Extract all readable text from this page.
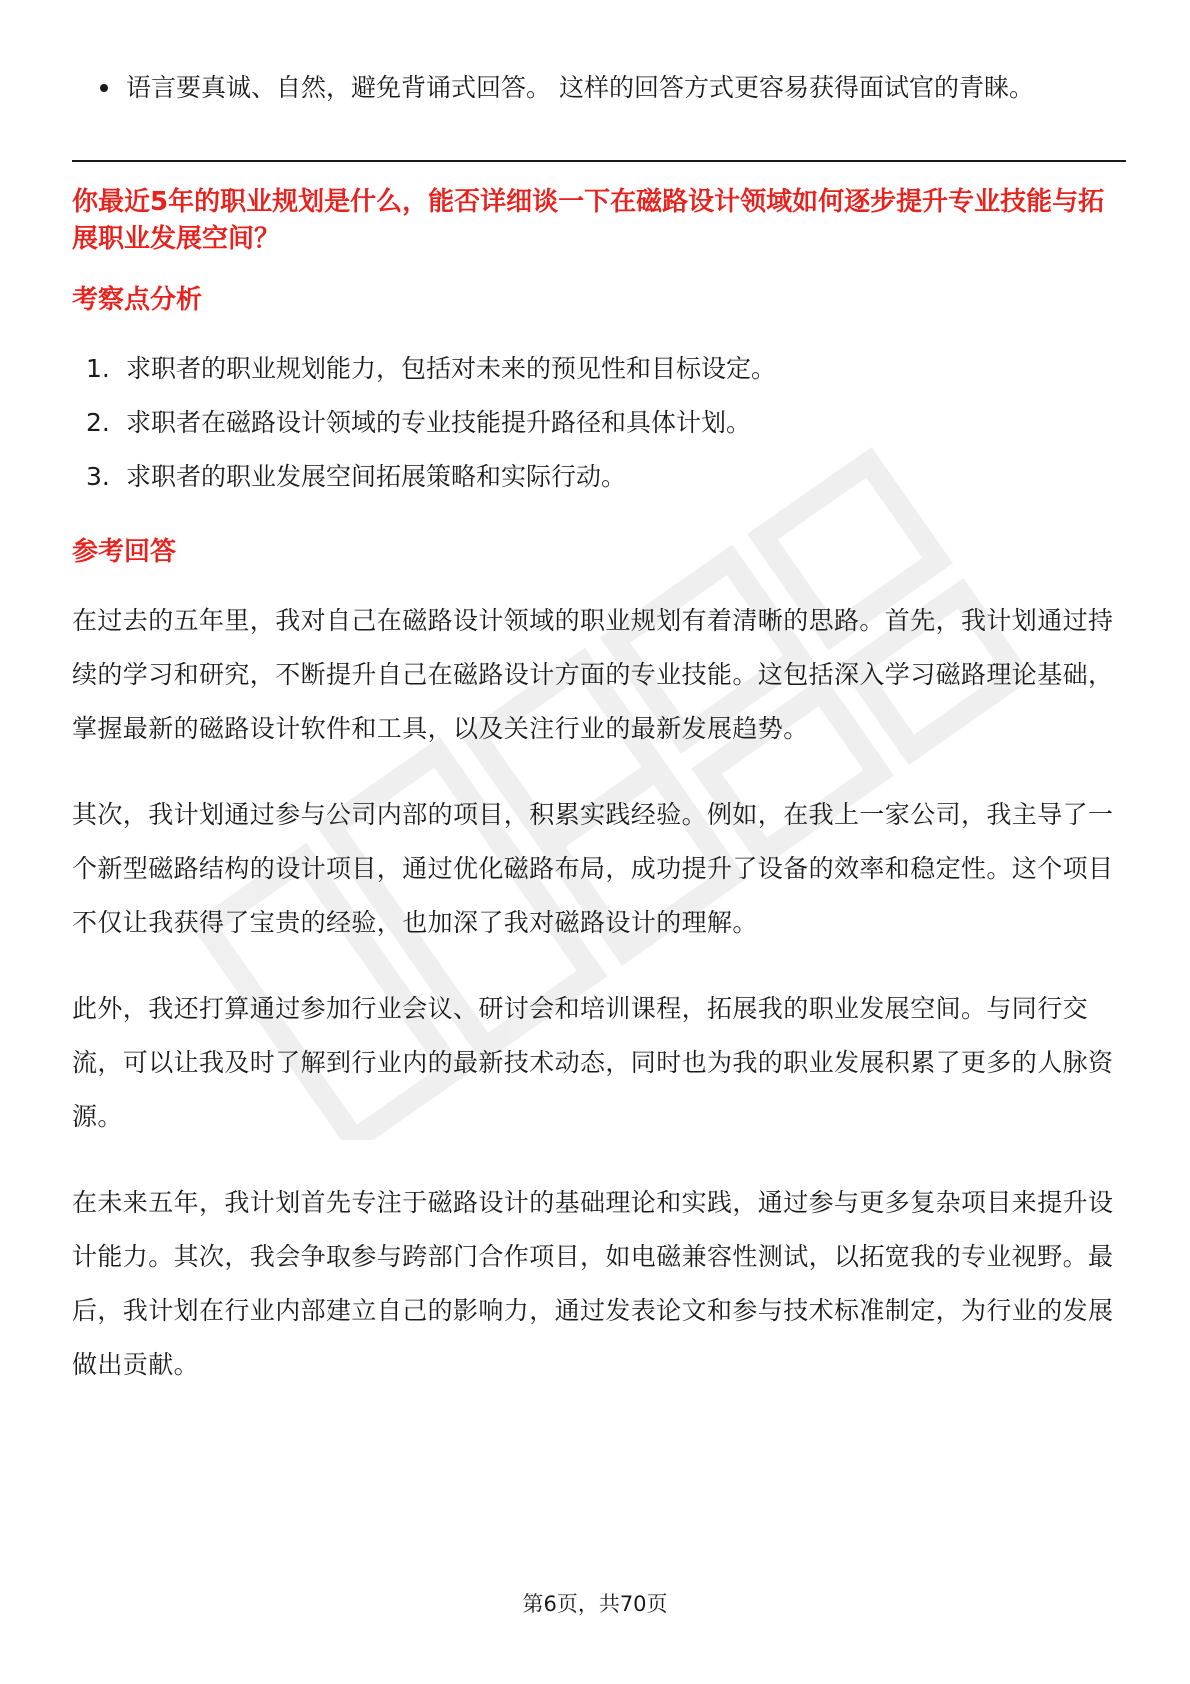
语言要真诚、自然，避免背诵式回答。 这样的回答方式更容易获得面试官的青睐。
你最近5年的职业规划是什么，能否详细谈一下在磁路设计领域如何逐步提升专业技能与拓展职业发展空间？
考察点分析
1. 求职者的职业规划能力，包括对未来的预见性和目标设定。
2. 求职者在磁路设计领域的专业技能提升路径和具体计划。
3. 求职者的职业发展空间拓展策略和实际行动。
参考回答
在过去的五年里，我对自己在磁路设计领域的职业规划有着清晰的思路。首先，我计划通过持续的学习和研究，不断提升自己在磁路设计方面的专业技能。这包括深入学习磁路理论基础，掌握最新的磁路设计软件和工具，以及关注行业的最新发展趋势。
其次，我计划通过参与公司内部的项目，积累实践经验。例如，在我上一家公司，我主导了一个新型磁路结构的设计项目，通过优化磁路布局，成功提升了设备的效率和稳定性。这个项目不仅让我获得了宝贵的经验，也加深了我对磁路设计的理解。
此外，我还打算通过参加行业会议、研讨会和培训课程，拓展我的职业发展空间。与同行交流，可以让我及时了解到行业内的最新技术动态，同时也为我的职业发展积累了更多的人脉资源。
在未来五年，我计划首先专注于磁路设计的基础理论和实践，通过参与更多复杂项目来提升设计能力。其次，我会争取参与跨部门合作项目，如电磁兼容性测试，以拓宽我的专业视野。最后，我计划在行业内部建立自己的影响力，通过发表论文和参与技术标准制定，为行业的发展做出贡献。
第6页，共70页
